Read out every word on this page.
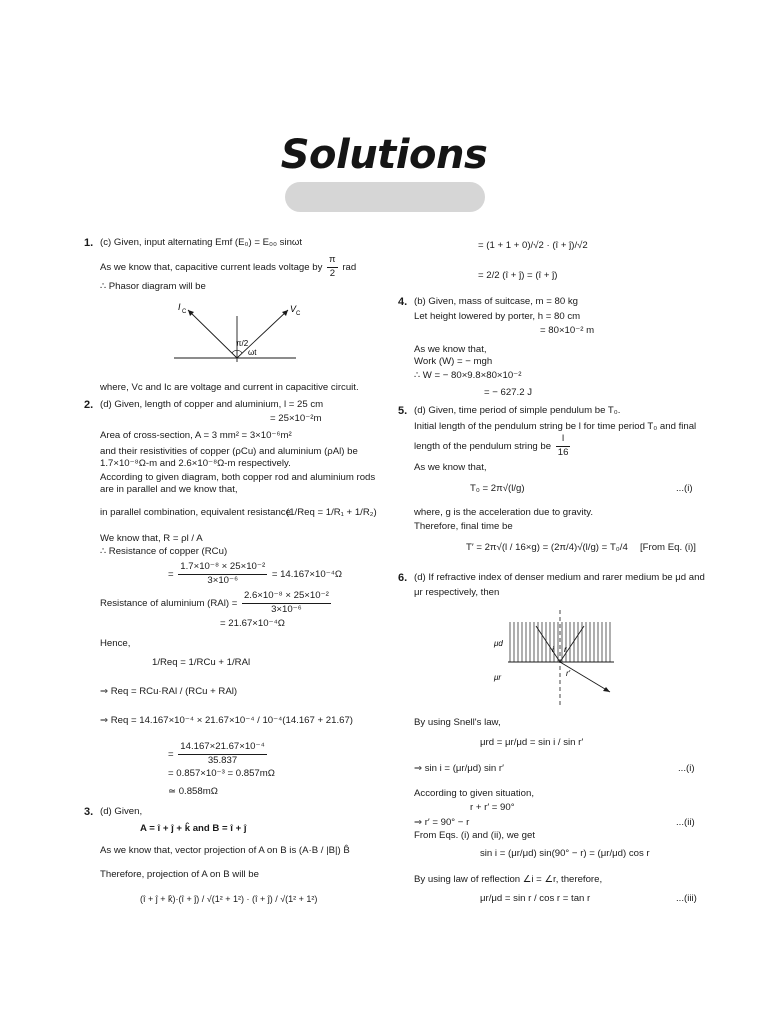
Solutions
1. (c) Given, input alternating Emf (E₀) = E₀₀ sinωt
As we know that, capacitive current leads voltage by $\frac{\pi}{2}$ rad
∴ Phasor diagram will be
I C	V C
π/2
ωt
where, Vᴄ and Iᴄ are voltage and current in capacitive circuit.
2. (d) Given, length of copper and aluminium, l = 25 cm
= 25×10⁻²m
Area of cross-section, A = 3 mm² = 3×10⁻⁶m²
and their resistivities of copper (ρCu) and aluminium (ρAl) be
1.7×10⁻⁸Ω-m and 2.6×10⁻⁸Ω-m respectively.
According to given diagram, both copper rod and aluminium rods
are in parallel and we know that,
in parallel combination, equivalent resistance
(1/Req = 1/R₁ + 1/R₂)
We know that, R = ρl / A
∴ Resistance of copper (RCu)
= $\frac{\text{1.7×10⁻⁸ × 25×10⁻²}}{\text{3×10⁻⁶}} = 14.167\times 10^{-4}\Omega$
Resistance of aluminium $(RAl) = \frac{\text{2.6×10⁻⁸ × 25×10⁻²}}{\text{3×10⁻⁶}}$
= 21.67×10⁻⁴Ω
Hence,
1/Req = 1/RCu + 1/RAl
⇒ Req = RCu·RAl / (RCu + RAl)
⇒ Req = 14.167×10⁻⁴ × 21.67×10⁻⁴ / 10⁻⁴(14.167 + 21.67)
= $\frac{\text{14.167×21.67×10⁻⁴}}{35.837}$
= 0.857×10⁻³ = 0.857mΩ
≃ 0.858mΩ
3. (d) Given,
A = î + ĵ + k̂ and B = î + ĵ
As we know that, vector projection of A on B is (A·B / |B|) B̂
Therefore, projection of A on B will be
(î + ĵ + k̂)·(î + ĵ) / √(1² + 1²) · (î + ĵ) / √(1² + 1²)
= (1 + 1 + 0)/√2 · (î + ĵ)/√2
= 2/2 (î + ĵ) = (î + ĵ)
4. (b) Given, mass of suitcase, m = 80 kg
Let height lowered by porter, h = 80 cm
= 80×10⁻² m
As we know that,
Work (W) = − mgh
∴ W = − 80×9.8×80×10⁻²
= − 627.2 J
5. (d) Given, time period of simple pendulum be T₀.
Initial length of the pendulum string be l for time period T₀ and final
length of the pendulum string be $\frac{l}{16}$
As we know that,
T₀ = 2π√(l/g)	...(i)
where, g is the acceleration due to gravity.
Therefore, final time be
T′ = 2π√(l / 16×g) = (2π/4)√(l/g) = T₀/4 [From Eq. (i)]
6. (d) If refractive index of denser medium and rarer medium be μd and
μr respectively, then
μd
μr
i r
r′
By using Snell's law,
μrd = μr/μd = sin i / sin r′
⇒ sin i = (μr/μd) sin r′	...(i)
According to given situation,
r + r′ = 90°
⇒ r′ = 90° − r	...(ii)
From Eqs. (i) and (ii), we get
sin i = (μr/μd) sin(90° − r) = (μr/μd) cos r
By using law of reflection ∠i = ∠r, therefore,
μr/μd = sin r / cos r = tan r	...(iii)
